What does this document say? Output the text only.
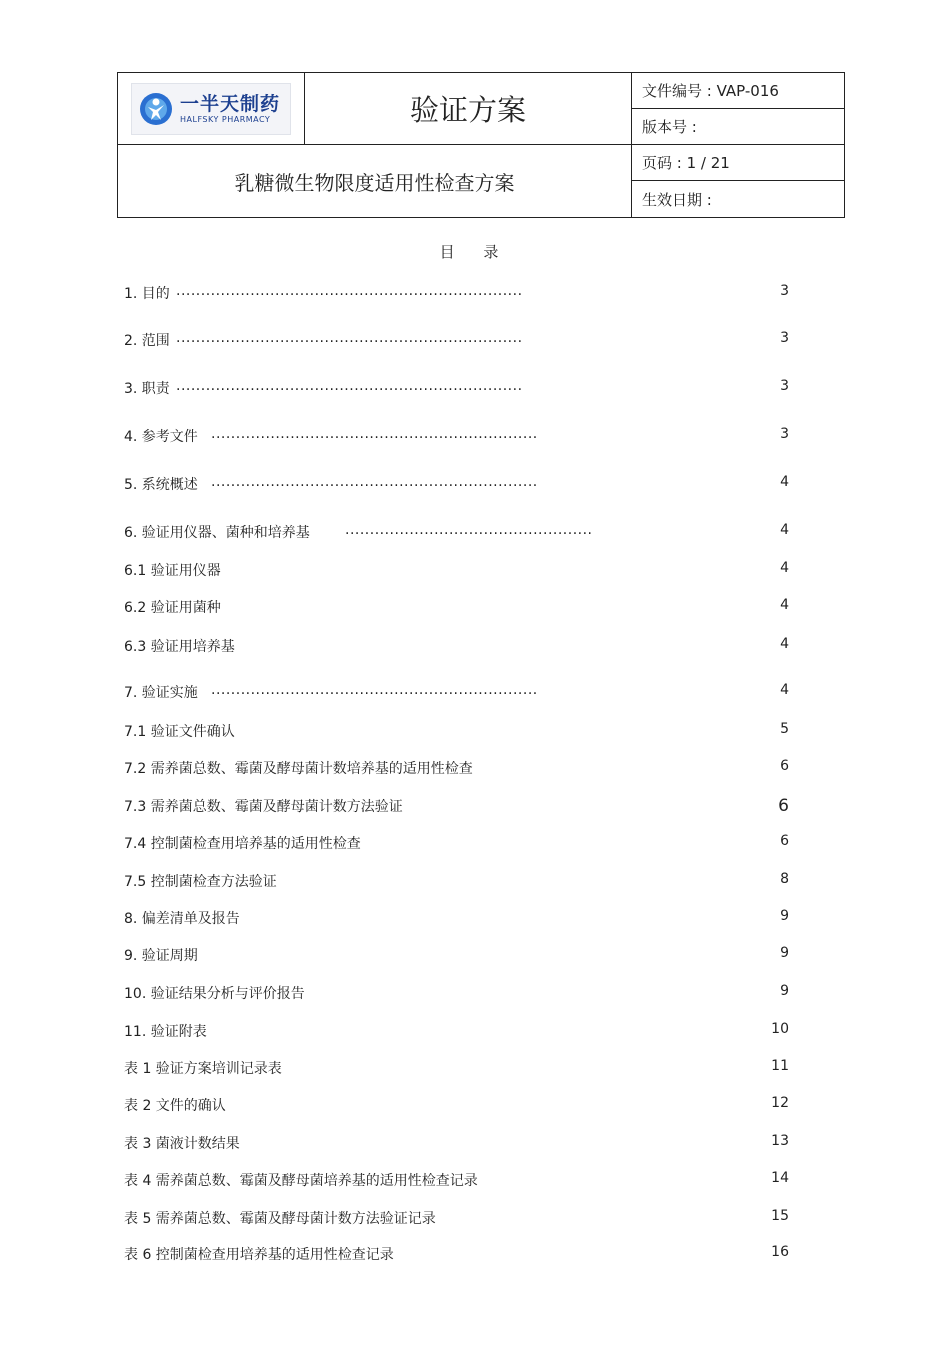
一半天制药
HALFSKY PHARMACY	验证方案
文件编号 : VAP-016
版本号 :
乳糖微生物限度适用性检查方案
页码 : 1 / 21
生效日期 :
目 录
1. 目的 ......................................................................	3
2. 范围 ......................................................................	3
3. 职责 ......................................................................	3
4. 参考文件 ..................................................................	3
5. 系统概述 ..................................................................	4
6. 验证用仪器、菌种和培养基	..................................................	4
6.1 验证用仪器	4
6.2 验证用菌种	4
6.3 验证用培养基	4
7. 验证实施 ..................................................................	4
7.1 验证文件确认	5
7.2 需养菌总数、霉菌及酵母菌计数培养基的适用性检查	6
7.3 需养菌总数、霉菌及酵母菌计数方法验证	6
7.4 控制菌检查用培养基的适用性检查	6
7.5 控制菌检查方法验证	8
8. 偏差清单及报告	9
9. 验证周期	9
10. 验证结果分析与评价报告	9
11. 验证附表	10
表 1 验证方案培训记录表	11
表 2 文件的确认	12
表 3 菌液计数结果	13
表 4 需养菌总数、霉菌及酵母菌培养基的适用性检查记录	14
表 5 需养菌总数、霉菌及酵母菌计数方法验证记录	15
表 6 控制菌检查用培养基的适用性检查记录	16
